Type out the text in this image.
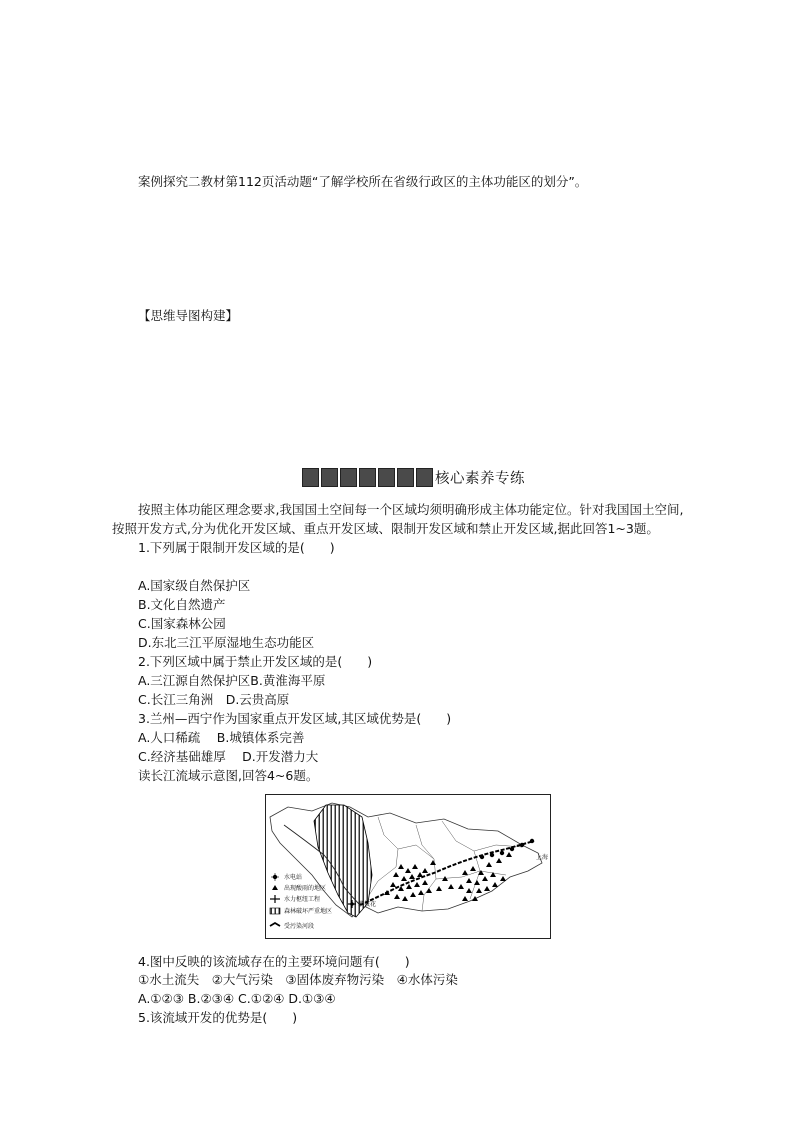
案例探究二教材第112页活动题“了解学校所在省级行政区的主体功能区的划分”。
【思维导图构建】
核心素养专练
按照主体功能区理念要求,我国国土空间每一个区域均须明确形成主体功能定位。针对我国国土空间,
按照开发方式,分为优化开发区域、重点开发区域、限制开发区域和禁止开发区域,据此回答1~3题。
1.下列属于限制开发区域的是(　　)
A.国家级自然保护区
B.文化自然遗产
C.国家森林公园
D.东北三江平原湿地生态功能区
2.下列区域中属于禁止开发区域的是(　　)
A.三江源自然保护区B.黄淮海平原
C.长江三角洲　D.云贵高原
3.兰州—西宁作为国家重点开发区域,其区域优势是(　　)
A.人口稀疏　 B.城镇体系完善
C.经济基础雄厚　 D.开发潜力大
读长江流域示意图,回答4~6题。
攀枝花
上海
水电站
出现酸雨的地区
水力枢纽工程
森林破坏严重地区
受污染河段
4.图中反映的该流域存在的主要环境问题有(　　)
①水土流失　②大气污染　③固体废弃物污染　④水体污染
A.①②③ B.②③④ C.①②④ D.①③④
5.该流域开发的优势是(　　)
